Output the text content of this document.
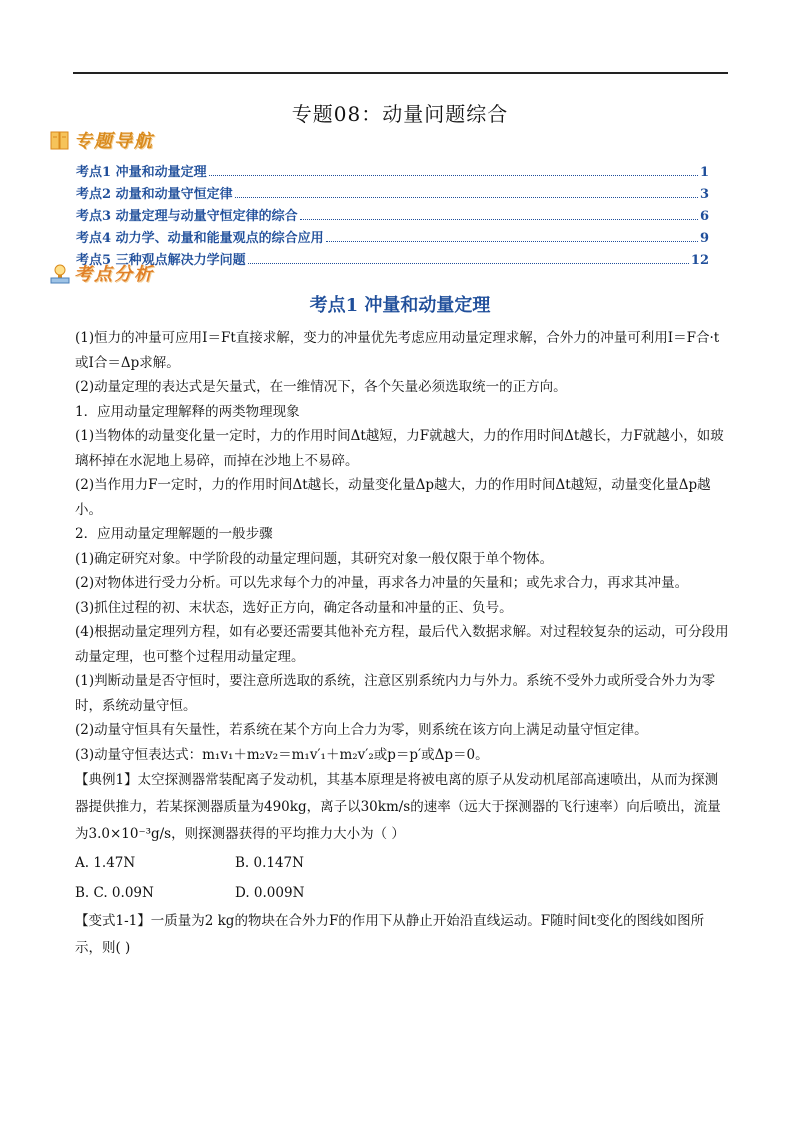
专题08：动量问题综合
专题导航
考点1 冲量和动量定理	1
考点2 动量和动量守恒定律	3
考点3 动量定理与动量守恒定律的综合	6
考点4 动力学、动量和能量观点的综合应用	9
考点5 三种观点解决力学问题	12
考点分析
考点1 冲量和动量定理

(1)恒力的冲量可应用I＝Ft直接求解，变力的冲量优先考虑应用动量定理求解，合外力的冲量可利用I＝F合·t或I合＝Δp求解。

(2)动量定理的表达式是矢量式，在一维情况下，各个矢量必须选取统一的正方向。

1．应用动量定理解释的两类物理现象

(1)当物体的动量变化量一定时，力的作用时间Δt越短，力F就越大，力的作用时间Δt越长，力F就越小，如玻璃杯掉在水泥地上易碎，而掉在沙地上不易碎。

(2)当作用力F一定时，力的作用时间Δt越长，动量变化量Δp越大，力的作用时间Δt越短，动量变化量Δp越小。

2．应用动量定理解题的一般步骤

(1)确定研究对象。中学阶段的动量定理问题，其研究对象一般仅限于单个物体。

(2)对物体进行受力分析。可以先求每个力的冲量，再求各力冲量的矢量和；或先求合力，再求其冲量。

(3)抓住过程的初、末状态，选好正方向，确定各动量和冲量的正、负号。

(4)根据动量定理列方程，如有必要还需要其他补充方程，最后代入数据求解。对过程较复杂的运动，可分段用动量定理，也可整个过程用动量定理。

(1)判断动量是否守恒时，要注意所选取的系统，注意区别系统内力与外力。系统不受外力或所受合外力为零时，系统动量守恒。

(2)动量守恒具有矢量性，若系统在某个方向上合力为零，则系统在该方向上满足动量守恒定律。

(3)动量守恒表达式：m₁v₁＋m₂v₂＝m₁v′₁＋m₂v′₂或p＝p′或Δp＝0。

【典例1】太空探测器常装配离子发动机，其基本原理是将被电离的原子从发动机尾部高速喷出，从而为探测器提供推力，若某探测器质量为490kg，离子以30km/s的速率（远大于探测器的飞行速率）向后喷出，流量为3.0×10⁻³g/s，则探测器获得的平均推力大小为（ ）

A. 1.47N	B. 0.147N
B. C. 0.09N	D. 0.009N

【变式1-1】一质量为2 kg的物块在合外力F的作用下从静止开始沿直线运动。F随时间t变化的图线如图所示，则( )
